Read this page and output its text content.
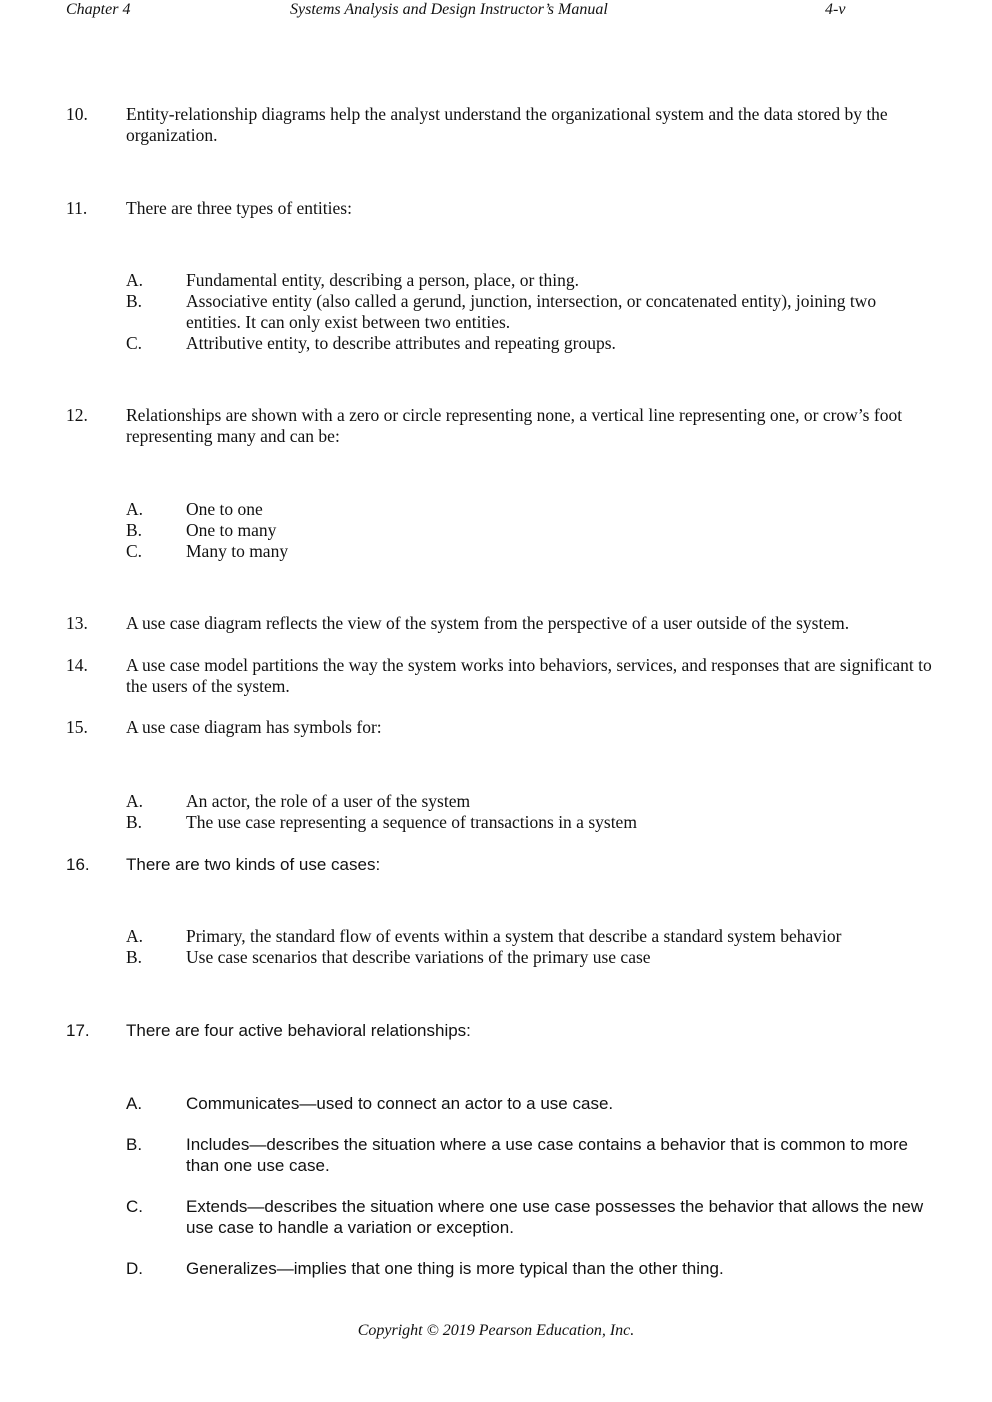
Chapter 4	Systems Analysis and Design Instructor’s Manual	4-v
10. Entity-relationship diagrams help the analyst understand the organizational system and the data stored by the organization.
11. There are three types of entities:
A. Fundamental entity, describing a person, place, or thing.
B.	Associative entity (also called a gerund, junction, intersection, or concatenated entity), joining two entities. It can only exist between two entities.
C.	Attributive entity, to describe attributes and repeating groups.
12. Relationships are shown with a zero or circle representing none, a vertical line representing one, or crow’s foot representing many and can be:
A. One to one
B.	One to many
C.	Many to many
13. A use case diagram reflects the view of the system from the perspective of a user outside of the system.
14. A use case model partitions the way the system works into behaviors, services, and responses that are significant to the users of the system.
15. A use case diagram has symbols for:
A. An actor, the role of a user of the system
B.	The use case representing a sequence of transactions in a system
16. There are two kinds of use cases:
A. Primary, the standard flow of events within a system that describe a standard system behavior
B.	Use case scenarios that describe variations of the primary use case
17. There are four active behavioral relationships:
A.	Communicates—used to connect an actor to a use case.
B.	Includes—describes the situation where a use case contains a behavior that is common to more than one use case.
C.	Extends—describes the situation where one use case possesses the behavior that allows the new use case to handle a variation or exception.
D.	Generalizes—implies that one thing is more typical than the other thing.
Copyright © 2019 Pearson Education, Inc.
